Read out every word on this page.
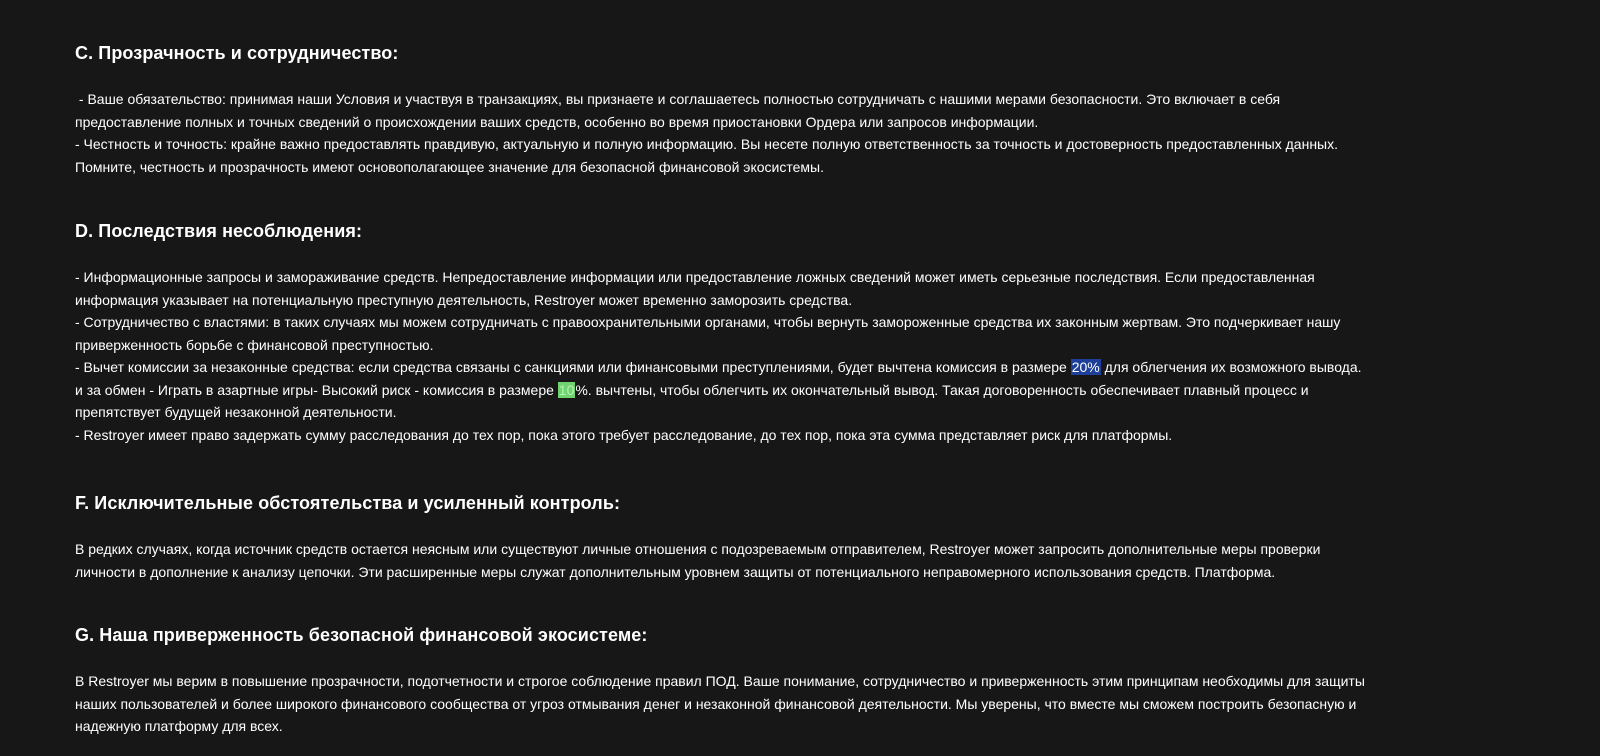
C. Прозрачность и сотрудничество:

- Ваше обязательство: принимая наши Условия и участвуя в транзакциях, вы признаете и соглашаетесь полностью сотрудничать с нашими мерами безопасности. Это включает в себя
предоставление полных и точных сведений о происхождении ваших средств, особенно во время приостановки Ордера или запросов информации.
- Честность и точность: крайне важно предоставлять правдивую, актуальную и полную информацию. Вы несете полную ответственность за точность и достоверность предоставленных данных.
Помните, честность и прозрачность имеют основополагающее значение для безопасной финансовой экосистемы.

D. Последствия несоблюдения:

- Информационные запросы и замораживание средств. Непредоставление информации или предоставление ложных сведений может иметь серьезные последствия. Если предоставленная
информация указывает на потенциальную преступную деятельность, Restroyer может временно заморозить средства.
- Сотрудничество с властями: в таких случаях мы можем сотрудничать с правоохранительными органами, чтобы вернуть замороженные средства их законным жертвам. Это подчеркивает нашу
приверженность борьбе с финансовой преступностью.
- Вычет комиссии за незаконные средства: если средства связаны с санкциями или финансовыми преступлениями, будет вычтена комиссия в размере 20% для облегчения их возможного вывода.
и за обмен - Играть в азартные игры- Высокий риск - комиссия в размере 10%. вычтены, чтобы облегчить их окончательный вывод. Такая договоренность обеспечивает плавный процесс и
препятствует будущей незаконной деятельности.
- Restroyer имеет право задержать сумму расследования до тех пор, пока этого требует расследование, до тех пор, пока эта сумма представляет риск для платформы.

F. Исключительные обстоятельства и усиленный контроль:

В редких случаях, когда источник средств остается неясным или существуют личные отношения с подозреваемым отправителем, Restroyer может запросить дополнительные меры проверки
личности в дополнение к анализу цепочки. Эти расширенные меры служат дополнительным уровнем защиты от потенциального неправомерного использования средств. Платформа.

G. Наша приверженность безопасной финансовой экосистеме:

В Restroyer мы верим в повышение прозрачности, подотчетности и строгое соблюдение правил ПОД. Ваше понимание, сотрудничество и приверженность этим принципам необходимы для защиты
наших пользователей и более широкого финансового сообщества от угроз отмывания денег и незаконной финансовой деятельности. Мы уверены, что вместе мы сможем построить безопасную и
надежную платформу для всех.
